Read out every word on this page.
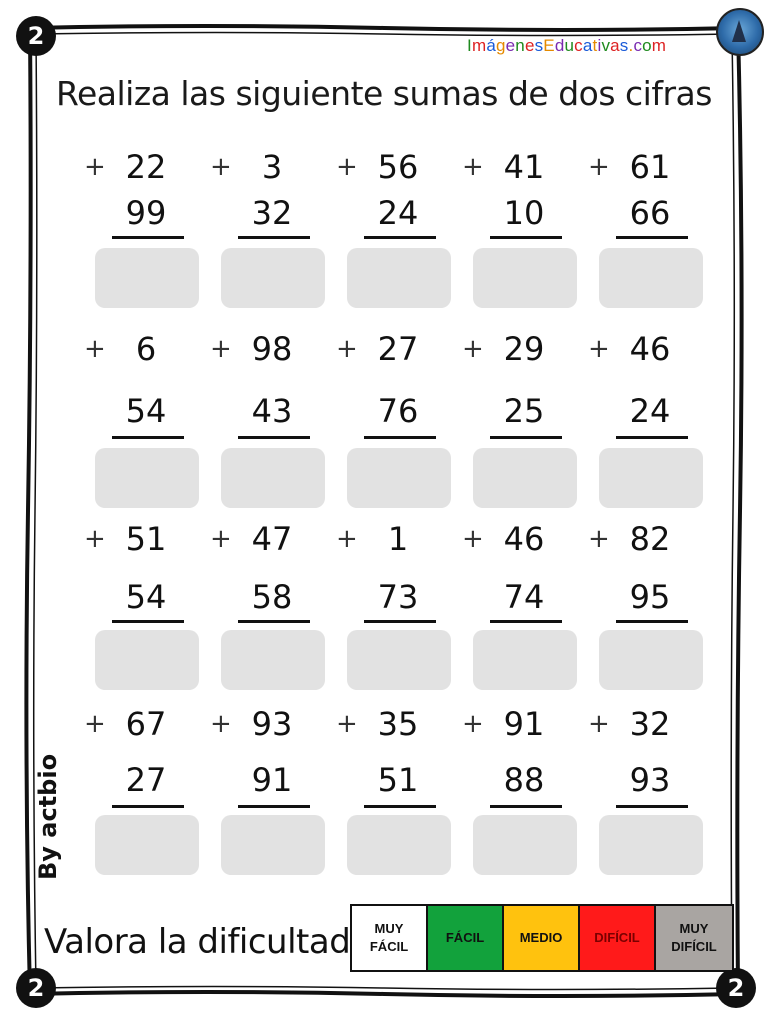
2
2	2
ImágenesEducativas.com
Realiza las siguiente sumas de dos cifras
+ 22
99
+ 3
32
+ 56
24
+ 41
10
+ 61
66
+ 6
54
+ 98
43
+ 27
76
+ 29
25
+ 46
24
+ 51
54
+ 47
58
+ 1
73
+ 46
74
+ 82
95
+ 67
27
+ 93
91
+ 35
51
+ 91
88
+ 32
93
By actbio
Valora la dificultad	MUY
FÁCIL
FÁCIL	MEDIO	DIFÍCIL
MUY
DIFÍCIL
